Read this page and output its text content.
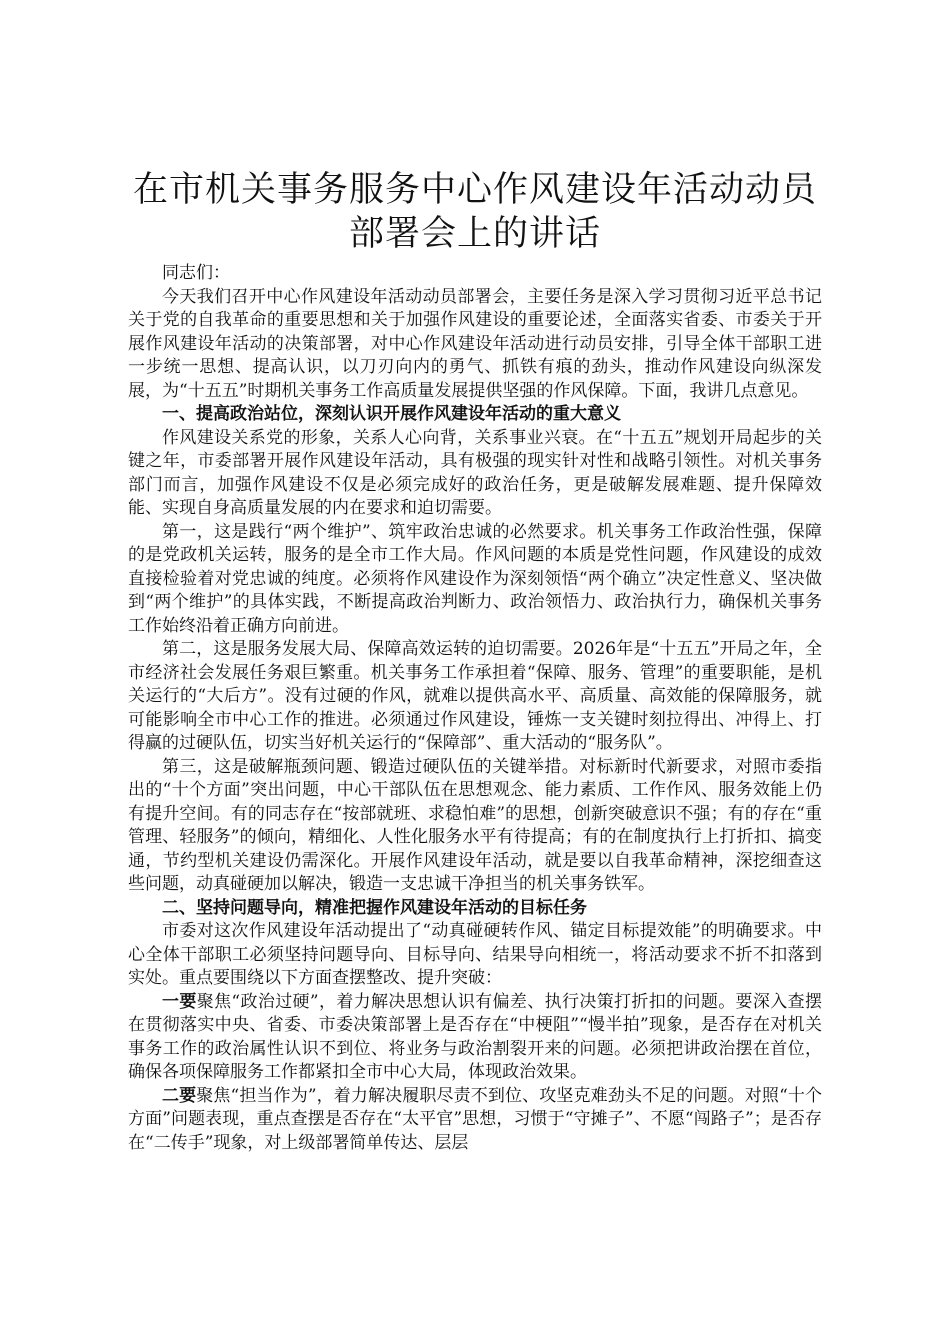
在市机关事务服务中心作风建设年活动动员部署会上的讲话

同志们：

今天我们召开中心作风建设年活动动员部署会，主要任务是深入学习贯彻习近平总书记关于党的自我革命的重要思想和关于加强作风建设的重要论述，全面落实省委、市委关于开展作风建设年活动的决策部署，对中心作风建设年活动进行动员安排，引导全体干部职工进一步统一思想、提高认识，以刀刃向内的勇气、抓铁有痕的劲头，推动作风建设向纵深发展，为“十五五”时期机关事务工作高质量发展提供坚强的作风保障。下面，我讲几点意见。

一、提高政治站位，深刻认识开展作风建设年活动的重大意义

作风建设关系党的形象，关系人心向背，关系事业兴衰。在“十五五”规划开局起步的关键之年，市委部署开展作风建设年活动，具有极强的现实针对性和战略引领性。对机关事务部门而言，加强作风建设不仅是必须完成好的政治任务，更是破解发展难题、提升保障效能、实现自身高质量发展的内在要求和迫切需要。

第一，这是践行“两个维护”、筑牢政治忠诚的必然要求。机关事务工作政治性强，保障的是党政机关运转，服务的是全市工作大局。作风问题的本质是党性问题，作风建设的成效直接检验着对党忠诚的纯度。必须将作风建设作为深刻领悟“两个确立”决定性意义、坚决做到“两个维护”的具体实践，不断提高政治判断力、政治领悟力、政治执行力，确保机关事务工作始终沿着正确方向前进。

第二，这是服务发展大局、保障高效运转的迫切需要。2026年是“十五五”开局之年，全市经济社会发展任务艰巨繁重。机关事务工作承担着“保障、服务、管理”的重要职能，是机关运行的“大后方”。没有过硬的作风，就难以提供高水平、高质量、高效能的保障服务，就可能影响全市中心工作的推进。必须通过作风建设，锤炼一支关键时刻拉得出、冲得上、打得赢的过硬队伍，切实当好机关运行的“保障部”、重大活动的“服务队”。

第三，这是破解瓶颈问题、锻造过硬队伍的关键举措。对标新时代新要求，对照市委指出的“十个方面”突出问题，中心干部队伍在思想观念、能力素质、工作作风、服务效能上仍有提升空间。有的同志存在“按部就班、求稳怕难”的思想，创新突破意识不强；有的存在“重管理、轻服务”的倾向，精细化、人性化服务水平有待提高；有的在制度执行上打折扣、搞变通，节约型机关建设仍需深化。开展作风建设年活动，就是要以自我革命精神，深挖细查这些问题，动真碰硬加以解决，锻造一支忠诚干净担当的机关事务铁军。

二、坚持问题导向，精准把握作风建设年活动的目标任务

市委对这次作风建设年活动提出了“动真碰硬转作风、锚定目标提效能”的明确要求。中心全体干部职工必须坚持问题导向、目标导向、结果导向相统一，将活动要求不折不扣落到实处。重点要围绕以下方面查摆整改、提升突破：

一要聚焦“政治过硬”，着力解决思想认识有偏差、执行决策打折扣的问题。要深入查摆在贯彻落实中央、省委、市委决策部署上是否存在“中梗阻”“慢半拍”现象，是否存在对机关事务工作的政治属性认识不到位、将业务与政治割裂开来的问题。必须把讲政治摆在首位，确保各项保障服务工作都紧扣全市中心大局，体现政治效果。

二要聚焦“担当作为”，着力解决履职尽责不到位、攻坚克难劲头不足的问题。对照“十个方面”问题表现，重点查摆是否存在“太平官”思想，习惯于“守摊子”、不愿“闯路子”；是否存在“二传手”现象，对上级部署简单传达、层层
